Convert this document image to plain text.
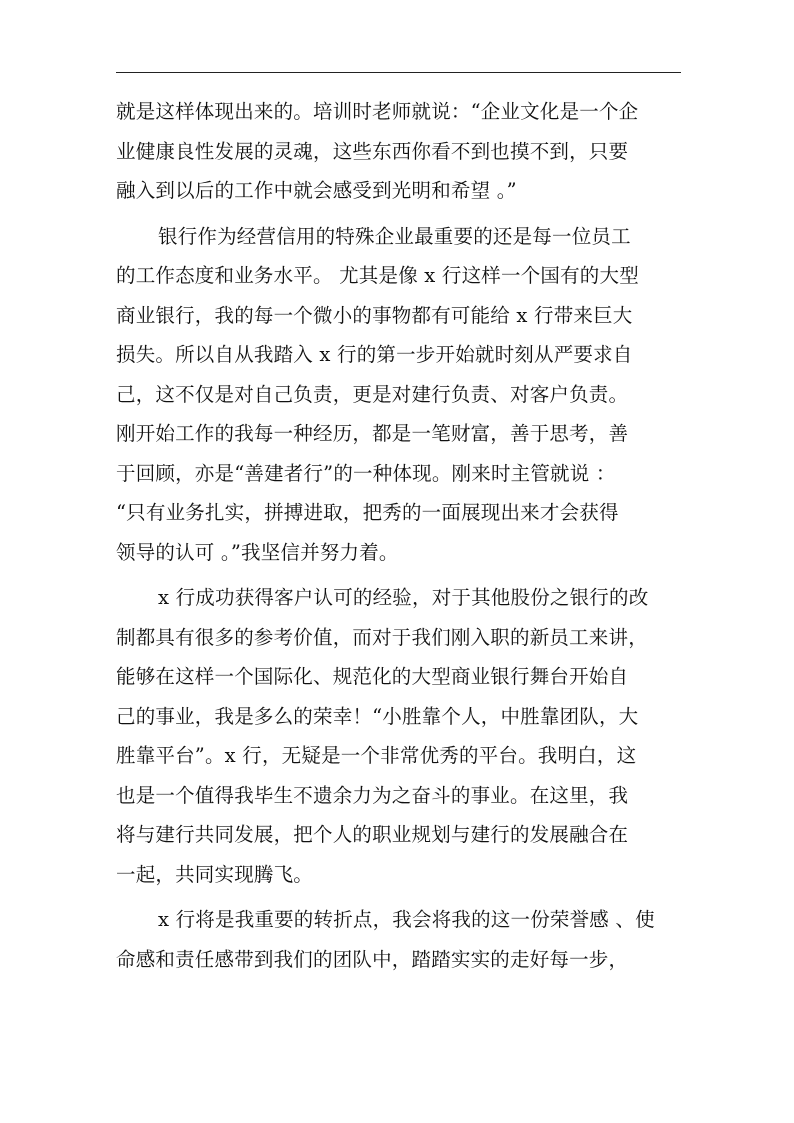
就是这样体现出来的。培训时老师就说：“企业文化是一个企
业健康良性发展的灵魂，这些东西你看不到也摸不到，只要
融入到以后的工作中就会感受到光明和希望 。”
银行作为经营信用的特殊企业最重要的还是每一位员工
的工作态度和业务水平。 尤其是像 x 行这样一个国有的大型
商业银行，我的每一个微小的事物都有可能给 x 行带来巨大
损失。所以自从我踏入 x 行的第一步开始就时刻从严要求自
己，这不仅是对自己负责，更是对建行负责、对客户负责。
刚开始工作的我每一种经历，都是一笔财富，善于思考，善
于回顾，亦是“善建者行”的一种体现。刚来时主管就说 ：
“只有业务扎实，拼搏进取，把秀的一面展现出来才会获得
领导的认可 。”我坚信并努力着。
x 行成功获得客户认可的经验，对于其他股份之银行的改
制都具有很多的参考价值，而对于我们刚入职的新员工来讲，
能够在这样一个国际化、规范化的大型商业银行舞台开始自
己的事业，我是多么的荣幸！“小胜靠个人，中胜靠团队，大
胜靠平台”。x 行，无疑是一个非常优秀的平台。我明白，这
也是一个值得我毕生不遗余力为之奋斗的事业。在这里，我
将与建行共同发展，把个人的职业规划与建行的发展融合在
一起，共同实现腾飞。
x 行将是我重要的转折点，我会将我的这一份荣誉感 、使
命感和责任感带到我们的团队中，踏踏实实的走好每一步，
